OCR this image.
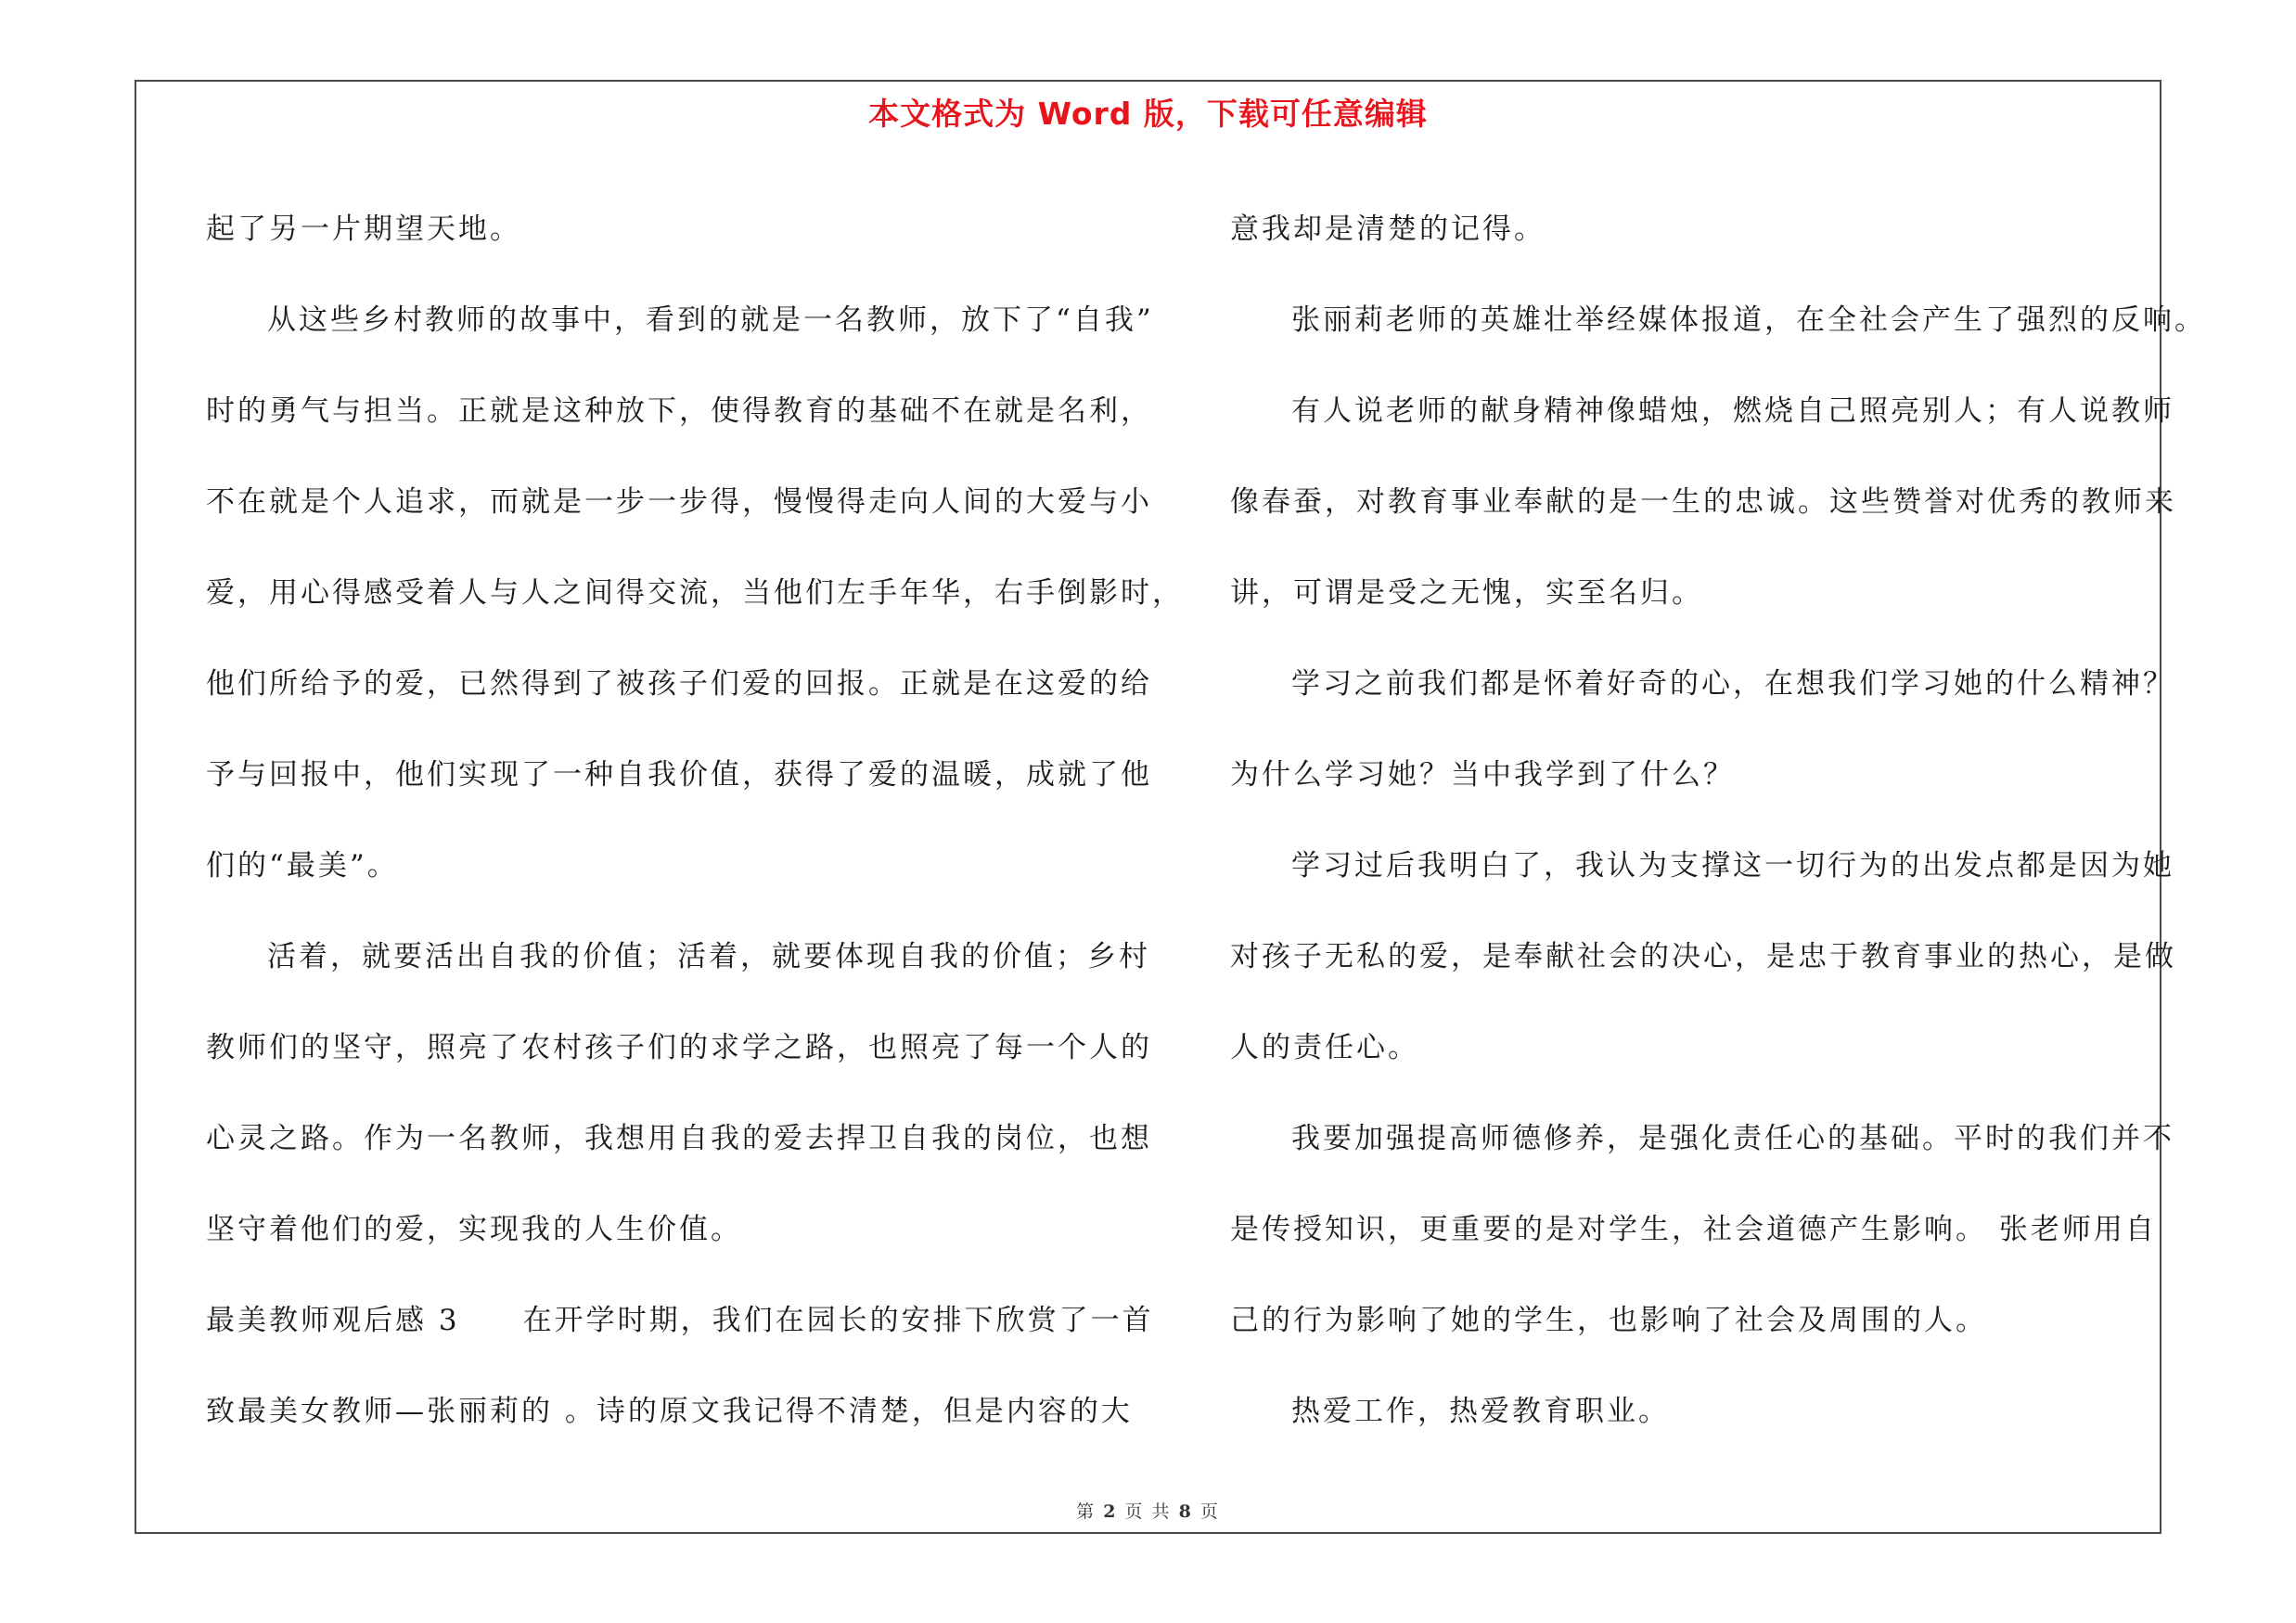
本文格式为 Word 版，下载可任意编辑
起了另一片期望天地。
从这些乡村教师的故事中，看到的就是一名教师，放下了“自我”
时的勇气与担当。正就是这种放下，使得教育的基础不在就是名利，
不在就是个人追求，而就是一步一步得，慢慢得走向人间的大爱与小
爱，用心得感受着人与人之间得交流，当他们左手年华，右手倒影时，
他们所给予的爱，已然得到了被孩子们爱的回报。正就是在这爱的给
予与回报中，他们实现了一种自我价值，获得了爱的温暖，成就了他
们的“最美”。
活着，就要活出自我的价值；活着，就要体现自我的价值；乡村
教师们的坚守，照亮了农村孩子们的求学之路，也照亮了每一个人的
心灵之路。作为一名教师，我想用自我的爱去捍卫自我的岗位，也想
坚守着他们的爱，实现我的人生价值。
最美教师观后感 3　　在开学时期，我们在园长的安排下欣赏了一首
致最美女教师—张丽莉的 。诗的原文我记得不清楚，但是内容的大
意我却是清楚的记得。
张丽莉老师的英雄壮举经媒体报道，在全社会产生了强烈的反响。
有人说老师的献身精神像蜡烛，燃烧自己照亮别人；有人说教师
像春蚕，对教育事业奉献的是一生的忠诚。这些赞誉对优秀的教师来
讲，可谓是受之无愧，实至名归。
学习之前我们都是怀着好奇的心，在想我们学习她的什么精神？
为什么学习她？当中我学到了什么？
学习过后我明白了，我认为支撑这一切行为的出发点都是因为她
对孩子无私的爱，是奉献社会的决心，是忠于教育事业的热心，是做
人的责任心。
我要加强提高师德修养，是强化责任心的基础。平时的我们并不
是传授知识，更重要的是对学生，社会道德产生影响。 张老师用自
己的行为影响了她的学生，也影响了社会及周围的人。
热爱工作，热爱教育职业。
第 2 页 共 8 页
